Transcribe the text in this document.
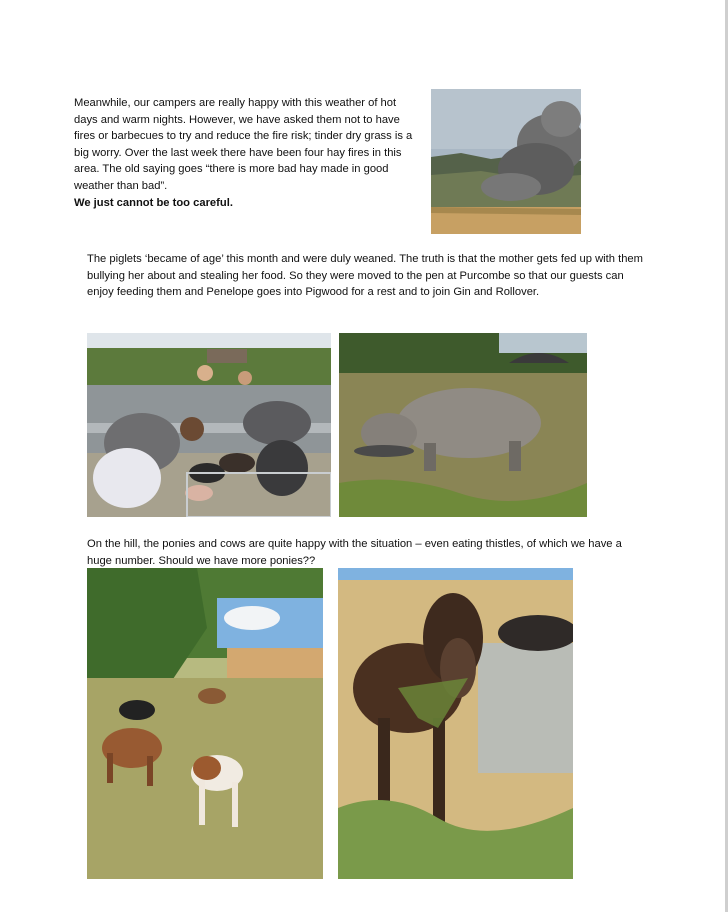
Meanwhile, our campers are really happy with this weather of hot days and warm nights. However, we have asked them not to have fires or barbecues to try and reduce the fire risk; tinder dry grass is a big worry. Over the last week there have been four hay fires in this area. The old saying goes “there is more bad hay made in good weather than bad”.
We just cannot be too careful.

The piglets ‘became of age’ this month and were duly weaned. The truth is that the mother gets fed up with them bullying her about and stealing her food. So they were moved to the pen at Purcombe so that our guests can enjoy feeding them and Penelope goes into Pigwood for a rest and to join Gin and Rollover.

On the hill, the ponies and cows are quite happy with the situation – even eating thistles, of which we have a huge number. Should we have more ponies??
